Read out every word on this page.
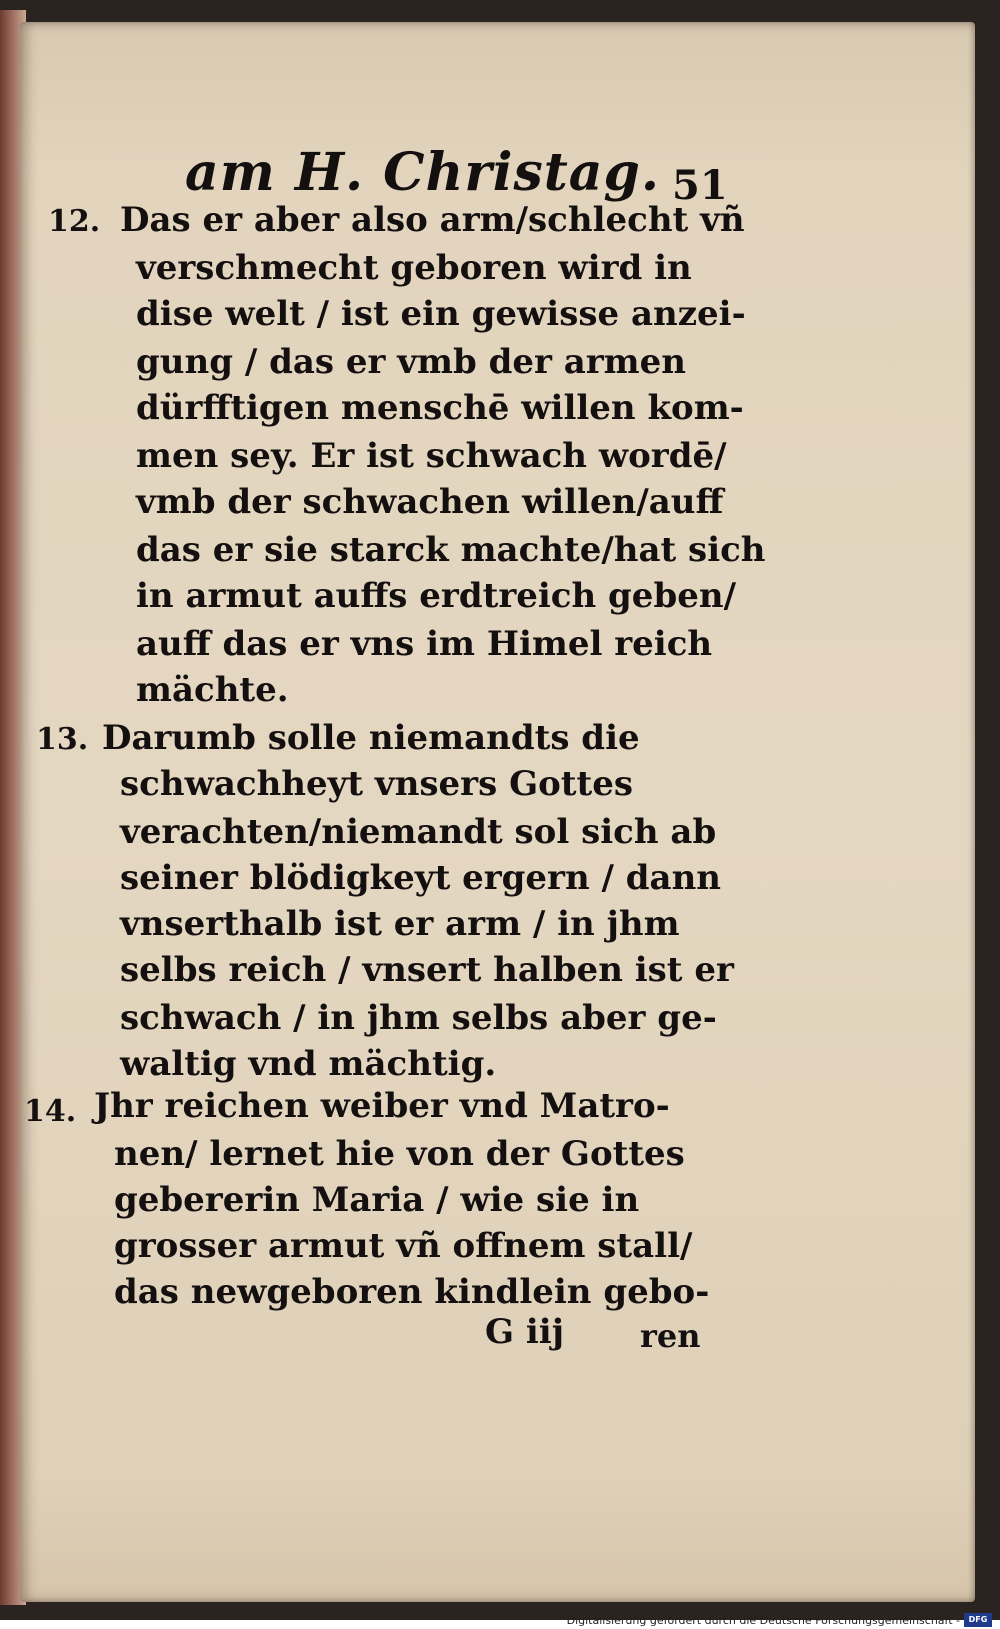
am H. Christag. 51
12. Das er aber also arm/schlecht vñ
verschmecht geboren wird in
dise welt / ist ein gewisse anzei-
gung / das er vmb der armen
dürfftigen menschē willen kom-
men sey. Er ist schwach wordē/
vmb der schwachen willen/auff
das er sie starck machte/hat sich
in armut auffs erdtreich geben/
auff das er vns im Himel reich
mächte.
13. Darumb solle niemandts die
schwachheyt vnsers Gottes
verachten/niemandt sol sich ab
seiner blödigkeyt ergern / dann
vnserthalb ist er arm / in jhm
selbs reich / vnsert halben ist er
schwach / in jhm selbs aber ge-
waltig vnd mächtig.
14. Jhr reichen weiber vnd Matro-
nen/ lernet hie von der Gottes
gebererin Maria / wie sie in
grosser armut vñ offnem stall/
das newgeboren kindlein gebo-
G iij ren
Digitalisierung gefördert durch die Deutsche Forschungsgemeinschaft -	DFG
